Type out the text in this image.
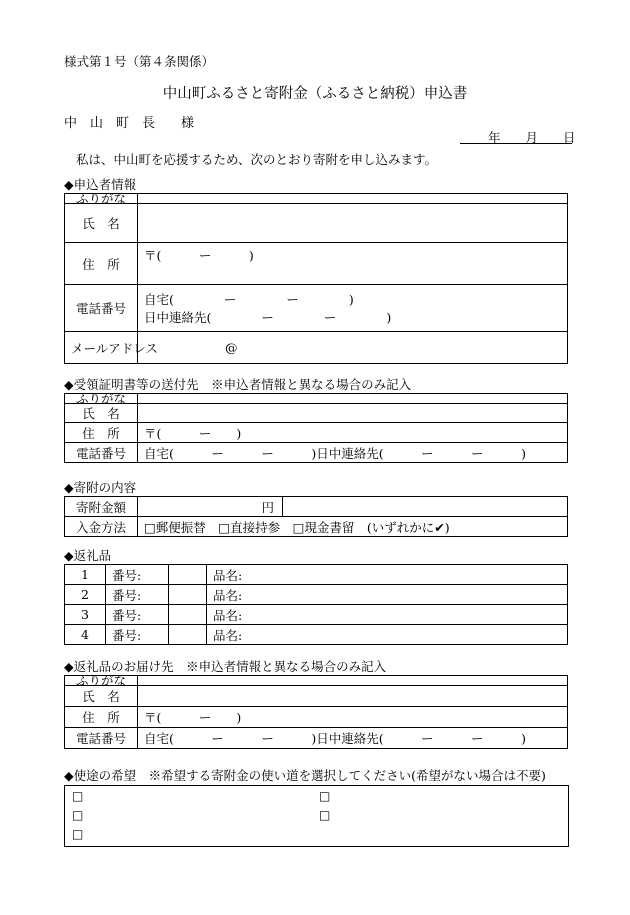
様式第１号（第４条関係）
中山町ふるさと寄附金（ふるさと納税）申込書
中　山　町　長　　様
年　　月　　日
私は、中山町を応援するため、次のとおり寄附を申し込みます。
◆申込者情報
ふりがな	
氏　名	
住　所	〒(　　　ー　　　)
電話番号	自宅(　　　　ー　　　　ー　　　　)
日中連絡先(　　　　ー　　　　ー　　　　)

メールアドレス	@
◆受領証明書等の送付先　※申込者情報と異なる場合のみ記入
ふりがな	
氏　名	
住　所	〒(　　　ー　　)
電話番号	自宅(　　　ー　　　ー　　　)日中連絡先(　　　ー　　　ー　　　)
◆寄附の内容
寄附金額	円	
入金方法	□郵便振替　□直接持参　□現金書留　(いずれかに✔)	
◆返礼品
1	番号:		品名:
2	番号:		品名:
3	番号:		品名:
4	番号:		品名:
◆返礼品のお届け先　※申込者情報と異なる場合のみ記入
ふりがな	
氏　名	
住　所	〒(　　　ー　　)
電話番号	自宅(　　　ー　　　ー　　　)日中連絡先(　　　ー　　　ー　　　)
◆使途の希望　※希望する寄附金の使い道を選択してください(希望がない場合は不要)
□	□
□	□
□
